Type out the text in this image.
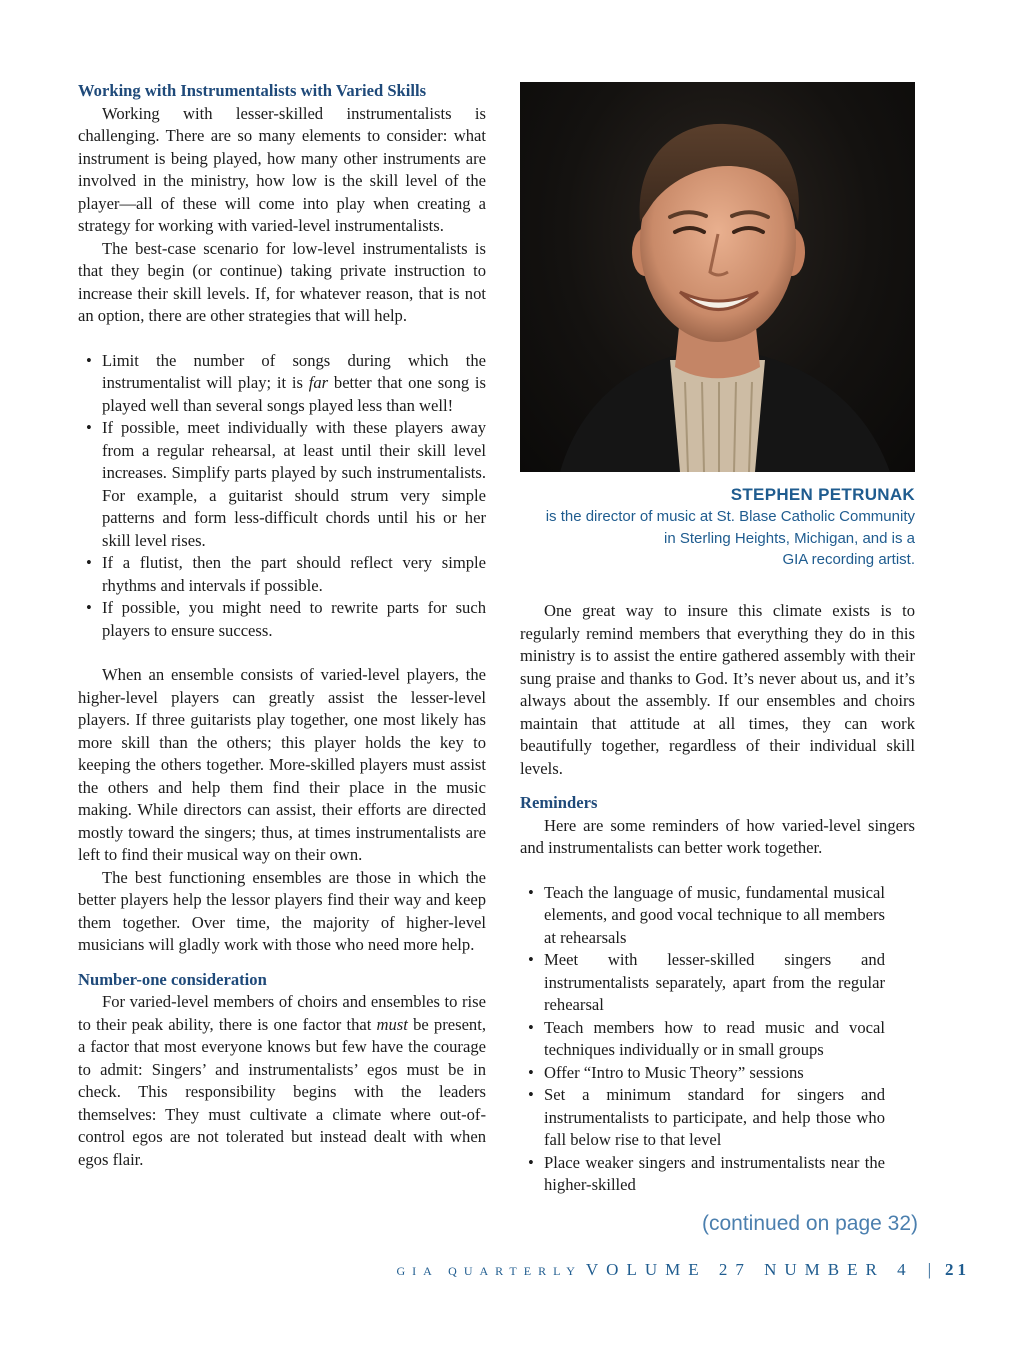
Working with Instrumentalists with Varied Skills

Working with lesser-skilled instrumentalists is challenging. There are so many elements to consider: what instrument is being played, how many other instruments are involved in the ministry, how low is the skill level of the player—all of these will come into play when creating a strategy for working with varied-level instrumentalists.

The best-case scenario for low-level instrumentalists is that they begin (or continue) taking private instruction to increase their skill levels. If, for whatever reason, that is not an option, there are other strategies that will help.

• Limit the number of songs during which the instrumentalist will play; it is far better that one song is played well than several songs played less than well!
• If possible, meet individually with these players away from a regular rehearsal, at least until their skill level increases. Simplify parts played by such instrumentalists. For example, a guitarist should strum very simple patterns and form less-difficult chords until his or her skill level rises.
• If a flutist, then the part should reflect very simple rhythms and intervals if possible.
• If possible, you might need to rewrite parts for such players to ensure success.

When an ensemble consists of varied-level players, the higher-level players can greatly assist the lesser-level players. If three guitarists play together, one most likely has more skill than the others; this player holds the key to keeping the others together. More-skilled players must assist the others and help them find their place in the music making. While directors can assist, their efforts are directed mostly toward the singers; thus, at times instrumentalists are left to find their musical way on their own.

The best functioning ensembles are those in which the better players help the lessor players find their way and keep them together. Over time, the majority of higher-level musicians will gladly work with those who need more help.

Number-one consideration

For varied-level members of choirs and ensembles to rise to their peak ability, there is one factor that must be present, a factor that most everyone knows but few have the courage to admit: Singers’ and instrumentalists’ egos must be in check. This responsibility begins with the leaders themselves: They must cultivate a climate where out-of-control egos are not tolerated but instead dealt with when egos flair.

STEPHEN PETRUNAK
is the director of music at St. Blase Catholic Community
in Sterling Heights, Michigan, and is a
GIA recording artist.

One great way to insure this climate exists is to regularly remind members that everything they do in this ministry is to assist the entire gathered assembly with their sung praise and thanks to God. It’s never about us, and it’s always about the assembly. If our ensembles and choirs maintain that attitude at all times, they can work beautifully together, regardless of their individual skill levels.

Reminders

Here are some reminders of how varied-level singers and instrumentalists can better work together.

• Teach the language of music, fundamental musical elements, and good vocal technique to all members at rehearsals
• Meet with lesser-skilled singers and instrumentalists separately, apart from the regular rehearsal
• Teach members how to read music and vocal techniques individually or in small groups
• Offer “Intro to Music Theory” sessions
• Set a minimum standard for singers and instrumentalists to participate, and help those who fall below rise to that level
• Place weaker singers and instrumentalists near the higher-skilled
(continued on page 32)
GIA QUARTERLY VOLUME 27 NUMBER 4 | 21
